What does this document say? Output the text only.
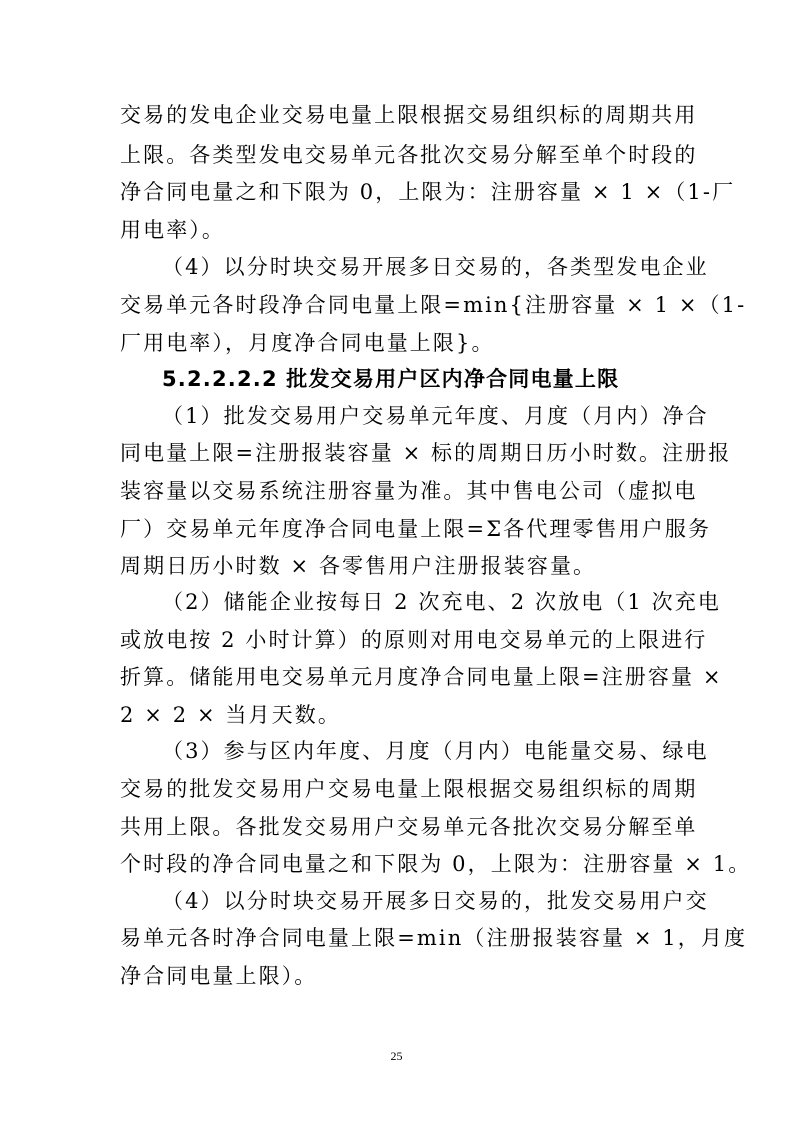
交易的发电企业交易电量上限根据交易组织标的周期共用
上限。各类型发电交易单元各批次交易分解至单个时段的
净合同电量之和下限为 0，上限为：注册容量 × 1 ×（1-厂
用电率）。
（4）以分时块交易开展多日交易的，各类型发电企业
交易单元各时段净合同电量上限=min{注册容量 × 1 ×（1-
厂用电率），月度净合同电量上限}。
5.2.2.2.2 批发交易用户区内净合同电量上限
（1）批发交易用户交易单元年度、月度（月内）净合
同电量上限=注册报装容量 × 标的周期日历小时数。注册报
装容量以交易系统注册容量为准。其中售电公司（虚拟电
厂）交易单元年度净合同电量上限=Σ各代理零售用户服务
周期日历小时数 × 各零售用户注册报装容量。
（2）储能企业按每日 2 次充电、2 次放电（1 次充电
或放电按 2 小时计算）的原则对用电交易单元的上限进行
折算。储能用电交易单元月度净合同电量上限=注册容量 ×
2 × 2 × 当月天数。
（3）参与区内年度、月度（月内）电能量交易、绿电
交易的批发交易用户交易电量上限根据交易组织标的周期
共用上限。各批发交易用户交易单元各批次交易分解至单
个时段的净合同电量之和下限为 0，上限为：注册容量 × 1。
（4）以分时块交易开展多日交易的，批发交易用户交
易单元各时净合同电量上限=min（注册报装容量 × 1，月度
净合同电量上限）。
25
